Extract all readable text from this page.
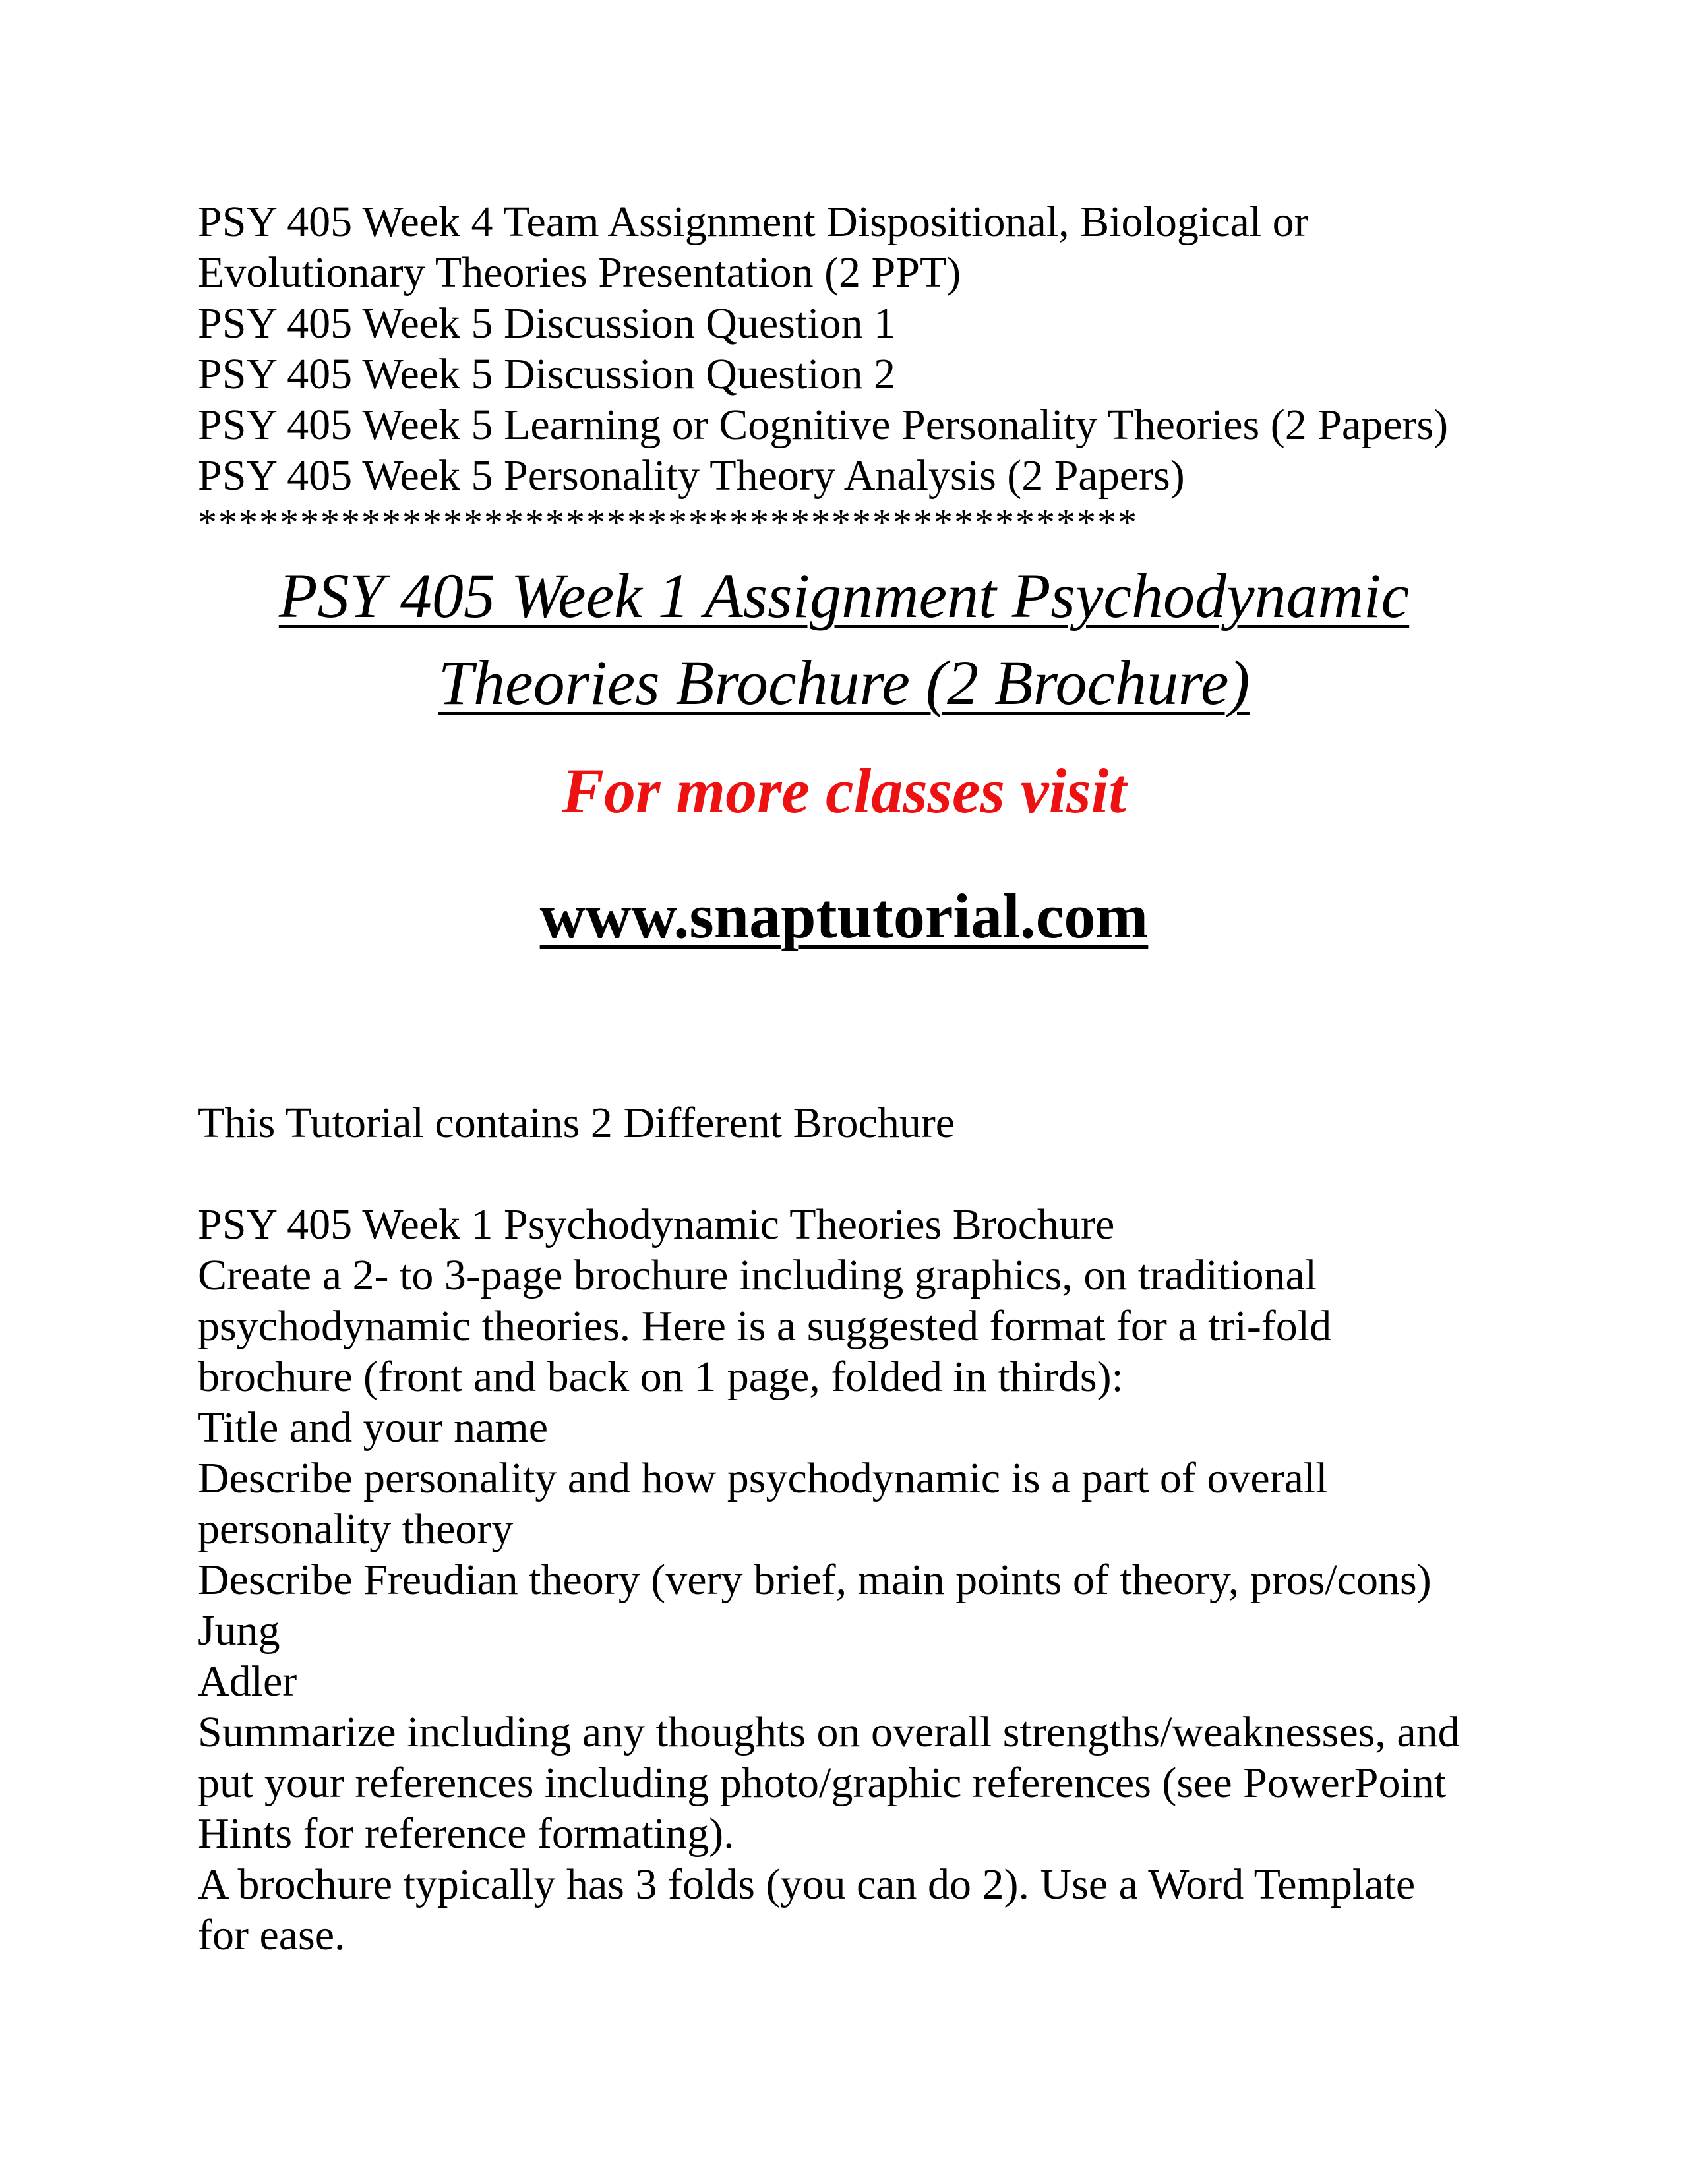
PSY 405 Week 4 Team Assignment Dispositional, Biological or
Evolutionary Theories Presentation (2 PPT)
PSY 405 Week 5 Discussion Question 1
PSY 405 Week 5 Discussion Question 2
PSY 405 Week 5 Learning or Cognitive Personality Theories (2 Papers)
PSY 405 Week 5 Personality Theory Analysis (2 Papers)
**********************************************
PSY 405 Week 1 Assignment Psychodynamic
Theories Brochure (2 Brochure)
For more classes visit
www.snaptutorial.com
This Tutorial contains 2 Different Brochure
PSY 405 Week 1 Psychodynamic Theories Brochure
Create a 2- to 3-page brochure including graphics, on traditional
psychodynamic theories. Here is a suggested format for a tri-fold
brochure (front and back on 1 page, folded in thirds):
Title and your name
Describe personality and how psychodynamic is a part of overall
personality theory
Describe Freudian theory (very brief, main points of theory, pros/cons)
Jung
Adler
Summarize including any thoughts on overall strengths/weaknesses, and
put your references including photo/graphic references (see PowerPoint
Hints for reference formating).
A brochure typically has 3 folds (you can do 2). Use a Word Template
for ease.
